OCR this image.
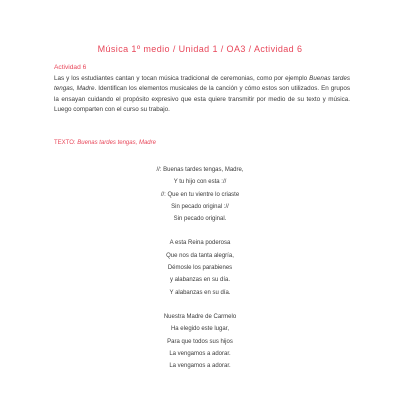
Música 1º medio / Unidad 1 / OA3 / Actividad 6
Actividad 6

Las y los estudiantes cantan y tocan música tradicional de ceremonias, como por ejemplo Buenas tardes tengas, Madre. Identifican los elementos musicales de la canción y cómo estos son utilizados. En grupos la ensayan cuidando el propósito expresivo que esta quiere transmitir por medio de su texto y música. Luego comparten con el curso su trabajo.

TEXTO: Buenas tardes tengas, Madre
//: Buenas tardes tengas, Madre,
Y tu hijo con esta ://
//: Que en tu vientre lo criaste
Sin pecado original ://
Sin pecado original.
A esta Reina poderosa
Que nos da tanta alegría,
Démosle los parabienes
y alabanzas en su día.
Y alabanzas en su día.
Nuestra Madre de Carmelo
Ha elegido este lugar,
Para que todos sus hijos
La vengamos a adorar.
La vengamos a adorar.
